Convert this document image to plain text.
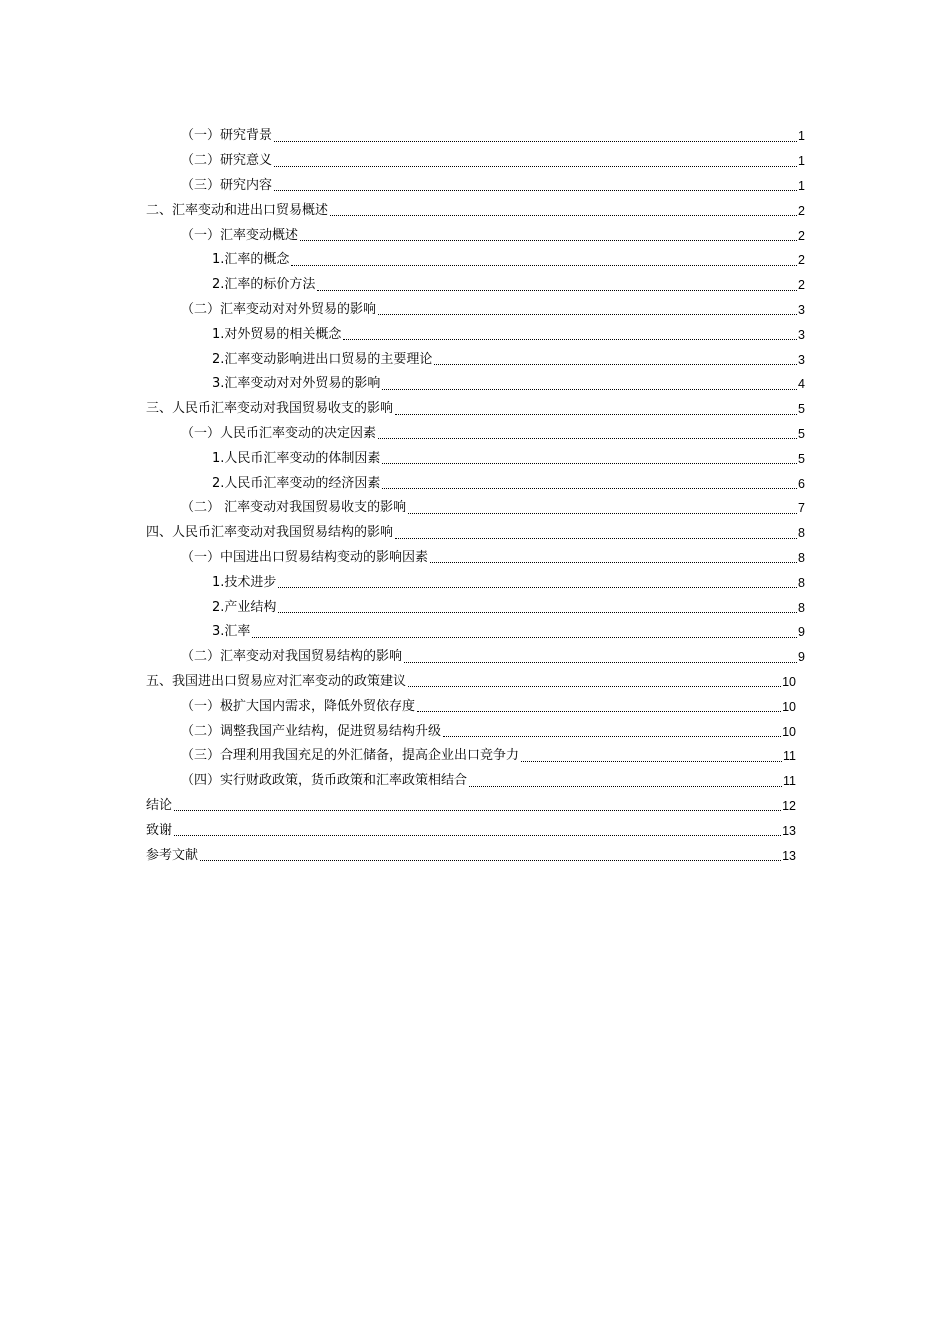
（一）研究背景	1
（二）研究意义	1
（三）研究内容	1
二、汇率变动和进出口贸易概述	2
（一）汇率变动概述	2
1.汇率的概念	2
2.汇率的标价方法	2
（二）汇率变动对对外贸易的影响	3
1.对外贸易的相关概念	3
2.汇率变动影响进出口贸易的主要理论	3
3.汇率变动对对外贸易的影响	4
三、人民币汇率变动对我国贸易收支的影响	5
（一）人民币汇率变动的决定因素	5
1.人民币汇率变动的体制因素	5
2.人民币汇率变动的经济因素	6
（二） 汇率变动对我国贸易收支的影响	7
四、人民币汇率变动对我国贸易结构的影响	8
（一）中国进出口贸易结构变动的影响因素	8
1.技术进步	8
2.产业结构	8
3.汇率	9
（二）汇率变动对我国贸易结构的影响	9
五、我国进出口贸易应对汇率变动的政策建议	10
（一）极扩大国内需求，降低外贸依存度	10
（二）调整我国产业结构，促进贸易结构升级	10
（三）合理利用我国充足的外汇储备，提高企业出口竞争力	11
（四）实行财政政策，货币政策和汇率政策相结合	11
结论	12
致谢	13
参考文献	13
